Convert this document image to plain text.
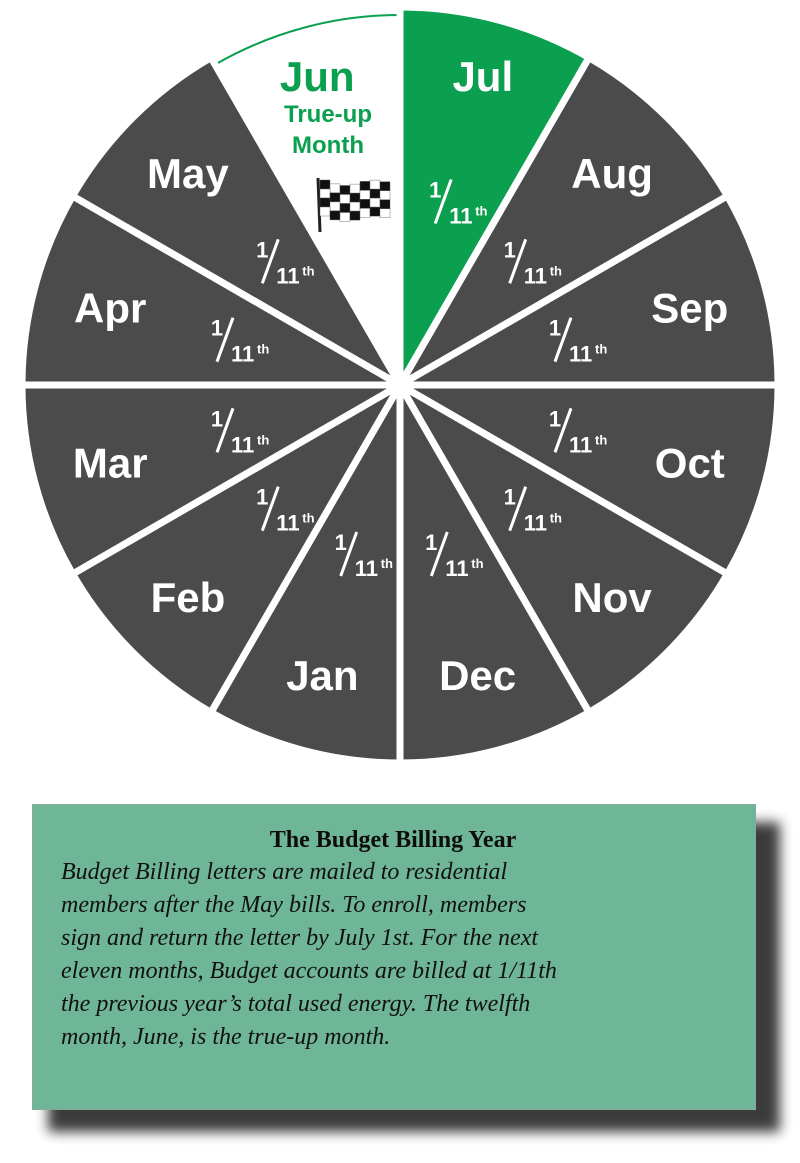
Jun
True-up
Month
Jul
1
11 th
Aug
1
11 th
Sep
1
11 th
Oct
1
11 th
Nov
1
11 th
Dec
1
11 th
Jan
1
11 th
Feb
1
11 th
Mar
1
11 th
Apr	1
11 th
May
1
11 th

The Budget Billing Year

Budget Billing letters are mailed to residential
members after the May bills. To enroll, members
sign and return the letter by July 1st. For the next
eleven months, Budget accounts are billed at 1/11th
the previous year’s total used energy. The twelfth
month, June, is the true-up month.
